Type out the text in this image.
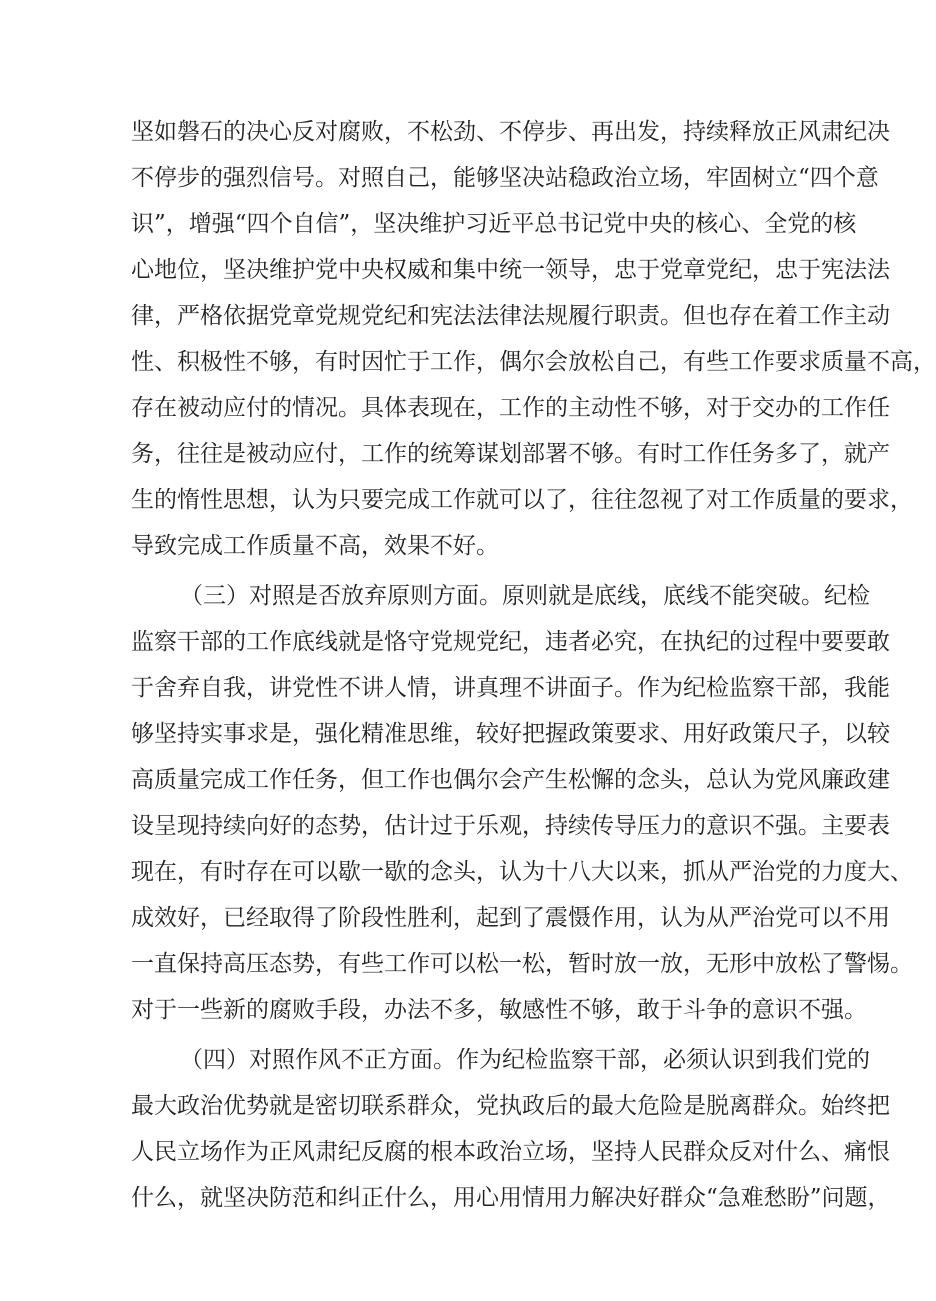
坚如磐石的决心反对腐败，不松劲、不停步、再出发，持续释放正风肃纪决
不停步的强烈信号。对照自己，能够坚决站稳政治立场，牢固树立“四个意
识”，增强“四个自信”，坚决维护习近平总书记党中央的核心、全党的核
心地位，坚决维护党中央权威和集中统一领导，忠于党章党纪，忠于宪法法
律，严格依据党章党规党纪和宪法法律法规履行职责。但也存在着工作主动
性、积极性不够，有时因忙于工作，偶尔会放松自己，有些工作要求质量不高，
存在被动应付的情况。具体表现在，工作的主动性不够，对于交办的工作任
务，往往是被动应付，工作的统筹谋划部署不够。有时工作任务多了，就产
生的惰性思想，认为只要完成工作就可以了，往往忽视了对工作质量的要求，
导致完成工作质量不高，效果不好。
（三）对照是否放弃原则方面。原则就是底线，底线不能突破。纪检
监察干部的工作底线就是恪守党规党纪，违者必究，在执纪的过程中要要敢
于舍弃自我，讲党性不讲人情，讲真理不讲面子。作为纪检监察干部，我能
够坚持实事求是，强化精准思维，较好把握政策要求、用好政策尺子，以较
高质量完成工作任务，但工作也偶尔会产生松懈的念头，总认为党风廉政建
设呈现持续向好的态势，估计过于乐观，持续传导压力的意识不强。主要表
现在，有时存在可以歇一歇的念头，认为十八大以来，抓从严治党的力度大、
成效好，已经取得了阶段性胜利，起到了震慑作用，认为从严治党可以不用
一直保持高压态势，有些工作可以松一松，暂时放一放，无形中放松了警惕。
对于一些新的腐败手段，办法不多，敏感性不够，敢于斗争的意识不强。
（四）对照作风不正方面。作为纪检监察干部，必须认识到我们党的
最大政治优势就是密切联系群众，党执政后的最大危险是脱离群众。始终把
人民立场作为正风肃纪反腐的根本政治立场，坚持人民群众反对什么、痛恨
什么，就坚决防范和纠正什么，用心用情用力解决好群众“急难愁盼”问题，
